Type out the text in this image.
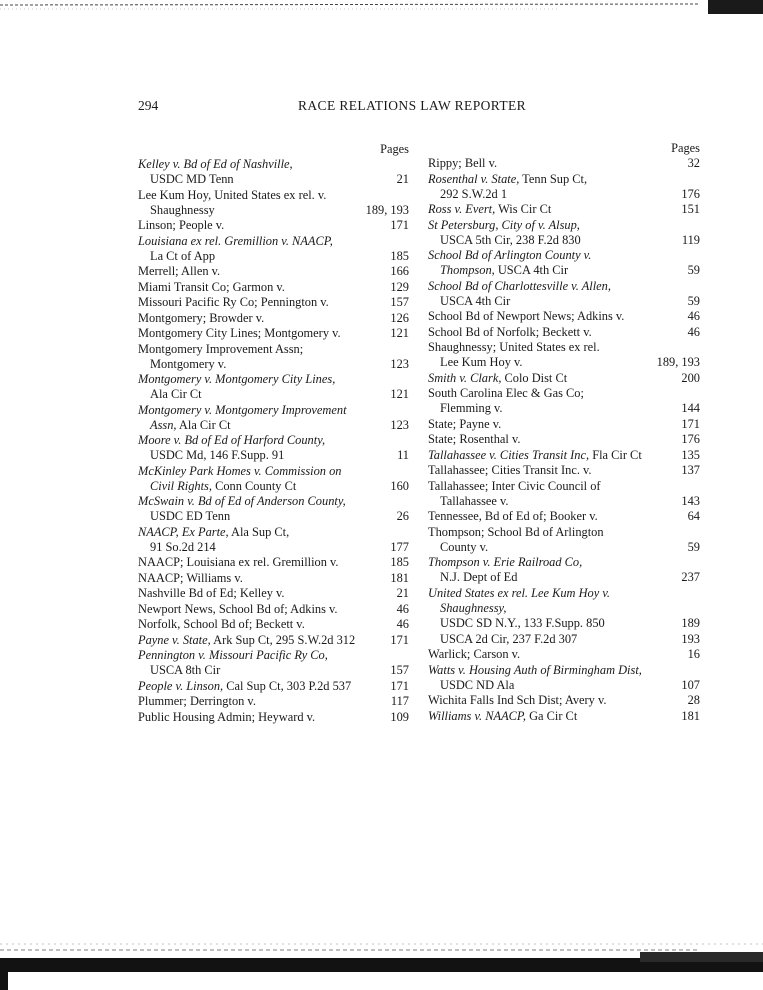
294	RACE RELATIONS LAW REPORTER
Pages
Kelley v. Bd of Ed of Nashville,
USDC MD Tenn	21
Lee Kum Hoy, United States ex rel. v.
Shaughnessy	189, 193
Linson; People v.	171
Louisiana ex rel. Gremillion v. NAACP,
La Ct of App	185
Merrell; Allen v.	166
Miami Transit Co; Garmon v.	129
Missouri Pacific Ry Co; Pennington v.	157
Montgomery; Browder v.	126
Montgomery City Lines; Montgomery v.	121
Montgomery Improvement Assn;
Montgomery v.	123
Montgomery v. Montgomery City Lines,
Ala Cir Ct	121
Montgomery v. Montgomery Improvement
Assn, Ala Cir Ct	123
Moore v. Bd of Ed of Harford County,
USDC Md, 146 F.Supp. 91	11
McKinley Park Homes v. Commission on
Civil Rights, Conn County Ct	160
McSwain v. Bd of Ed of Anderson County,
USDC ED Tenn	26
NAACP, Ex Parte, Ala Sup Ct,
91 So.2d 214	177
NAACP; Louisiana ex rel. Gremillion v.	185
NAACP; Williams v.	181
Nashville Bd of Ed; Kelley v.	21
Newport News, School Bd of; Adkins v.	46
Norfolk, School Bd of; Beckett v.	46
Payne v. State, Ark Sup Ct, 295 S.W.2d 312	171
Pennington v. Missouri Pacific Ry Co,
USCA 8th Cir	157
People v. Linson, Cal Sup Ct, 303 P.2d 537	171
Plummer; Derrington v.	117
Public Housing Admin; Heyward v.	109
Pages
Rippy; Bell v.	32
Rosenthal v. State, Tenn Sup Ct,
292 S.W.2d 1	176
Ross v. Evert, Wis Cir Ct	151
St Petersburg, City of v. Alsup,
USCA 5th Cir, 238 F.2d 830	119
School Bd of Arlington County v.
Thompson, USCA 4th Cir	59
School Bd of Charlottesville v. Allen,
USCA 4th Cir	59
School Bd of Newport News; Adkins v.	46
School Bd of Norfolk; Beckett v.	46
Shaughnessy; United States ex rel.
Lee Kum Hoy v.	189, 193
Smith v. Clark, Colo Dist Ct	200
South Carolina Elec & Gas Co;
Flemming v.	144
State; Payne v.	171
State; Rosenthal v.	176
Tallahassee v. Cities Transit Inc, Fla Cir Ct	135
Tallahassee; Cities Transit Inc. v.	137
Tallahassee; Inter Civic Council of
Tallahassee v.	143
Tennessee, Bd of Ed of; Booker v.	64
Thompson; School Bd of Arlington
County v.	59
Thompson v. Erie Railroad Co,
N.J. Dept of Ed	237
United States ex rel. Lee Kum Hoy v.
Shaughnessy,
USDC SD N.Y., 133 F.Supp. 850	189
USCA 2d Cir, 237 F.2d 307	193
Warlick; Carson v.	16
Watts v. Housing Auth of Birmingham Dist,
USDC ND Ala	107
Wichita Falls Ind Sch Dist; Avery v.	28
Williams v. NAACP, Ga Cir Ct	181
